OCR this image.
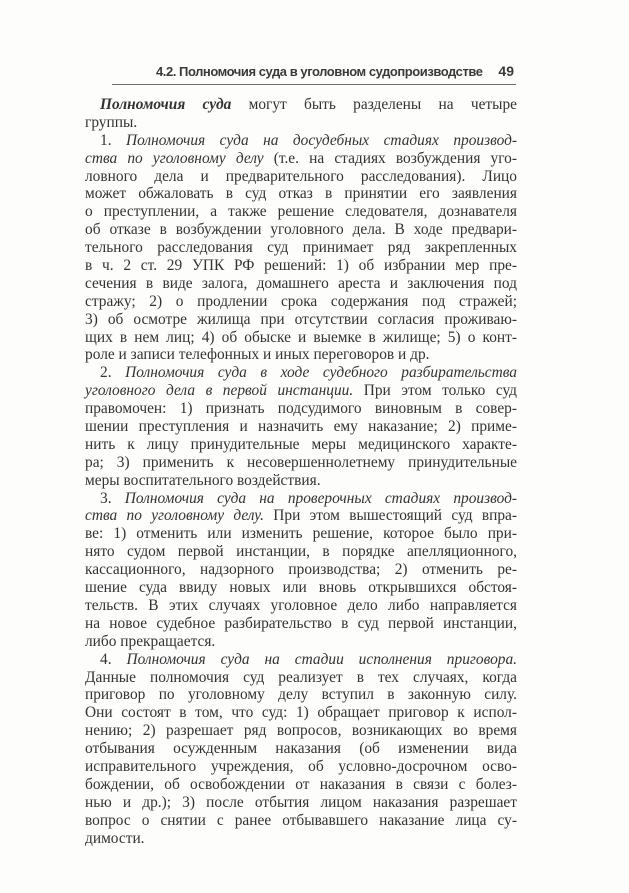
4.2. Полномочия суда в уголовном судопроизводстве 49
Полномочия суда могут быть разделены на четыре
группы.
1. Полномочия суда на досудебных стадиях производ-
ства по уголовному делу (т.е. на стадиях возбуждения уго-
ловного дела и предварительного расследования). Лицо
может обжаловать в суд отказ в принятии его заявления
о преступлении, а также решение следователя, дознавателя
об отказе в возбуждении уголовного дела. В ходе предвари-
тельного расследования суд принимает ряд закрепленных
в ч. 2 ст. 29 УПК РФ решений: 1) об избрании мер пре-
сечения в виде залога, домашнего ареста и заключения под
стражу; 2) о продлении срока содержания под стражей;
3) об осмотре жилища при отсутствии согласия проживаю-
щих в нем лиц; 4) об обыске и выемке в жилище; 5) о конт-
роле и записи телефонных и иных переговоров и др.
2. Полномочия суда в ходе судебного разбирательства
уголовного дела в первой инстанции. При этом только суд
правомочен: 1) признать подсудимого виновным в совер-
шении преступления и назначить ему наказание; 2) приме-
нить к лицу принудительные меры медицинского характе-
ра; 3) применить к несовершеннолетнему принудительные
меры воспитательного воздействия.
3. Полномочия суда на проверочных стадиях производ-
ства по уголовному делу. При этом вышестоящий суд впра-
ве: 1) отменить или изменить решение, которое было при-
нято судом первой инстанции, в порядке апелляционного,
кассационного, надзорного производства; 2) отменить ре-
шение суда ввиду новых или вновь открывшихся обстоя-
тельств. В этих случаях уголовное дело либо направляется
на новое судебное разбирательство в суд первой инстанции,
либо прекращается.
4. Полномочия суда на стадии исполнения приговора.
Данные полномочия суд реализует в тех случаях, когда
приговор по уголовному делу вступил в законную силу.
Они состоят в том, что суд: 1) обращает приговор к испол-
нению; 2) разрешает ряд вопросов, возникающих во время
отбывания осужденным наказания (об изменении вида
исправительного учреждения, об условно-досрочном осво-
бождении, об освобождении от наказания в связи с болез-
нью и др.); 3) после отбытия лицом наказания разрешает
вопрос о снятии с ранее отбывавшего наказание лица су-
димости.
